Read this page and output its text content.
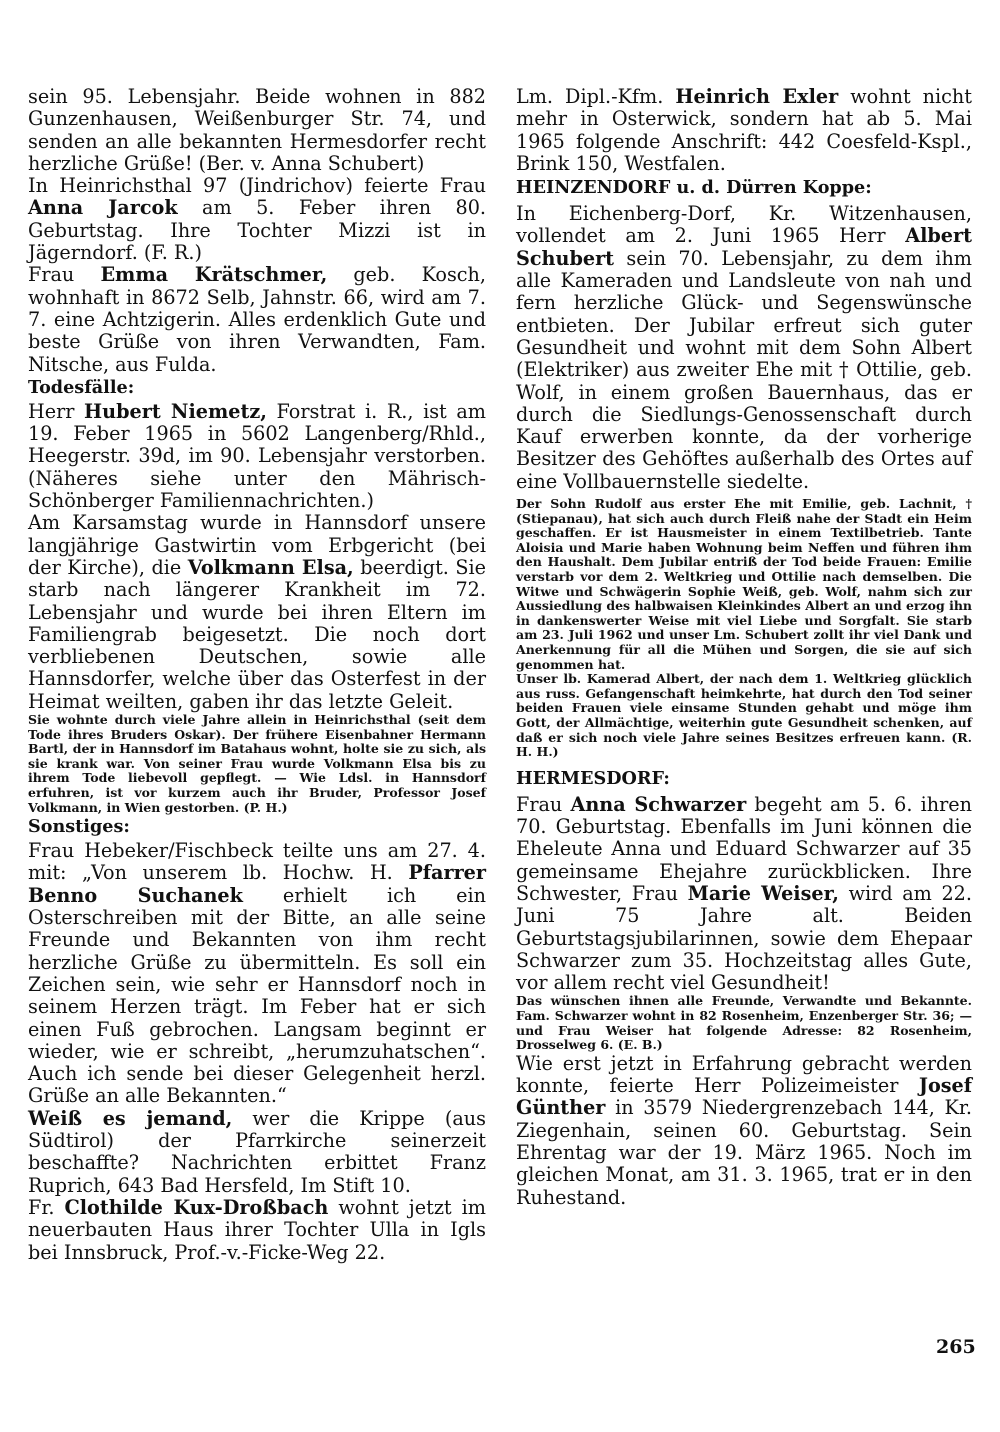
sein 95. Lebensjahr. Beide wohnen in 882 Gunzenhausen, Weißenburger Str. 74, und senden an alle bekannten Hermesdorfer recht herzliche Grüße! (Ber. v. Anna Schubert)

In Heinrichsthal 97 (Jindrichov) feierte Frau Anna Jarcok am 5. Feber ihren 80. Geburtstag. Ihre Tochter Mizzi ist in Jägerndorf. (F. R.)

Frau Emma Krätschmer, geb. Kosch, wohnhaft in 8672 Selb, Jahnstr. 66, wird am 7. 7. eine Achtzigerin. Alles erdenklich Gute und beste Grüße von ihren Verwandten, Fam. Nitsche, aus Fulda.

Todesfälle:

Herr Hubert Niemetz, Forstrat i. R., ist am 19. Feber 1965 in 5602 Langenberg/Rhld., Heegerstr. 39d, im 90. Lebensjahr verstorben. (Näheres siehe unter den Mährisch-Schönberger Familiennachrichten.)

Am Karsamstag wurde in Hannsdorf unsere langjährige Gastwirtin vom Erbgericht (bei der Kirche), die Volkmann Elsa, beerdigt. Sie starb nach längerer Krankheit im 72. Lebensjahr und wurde bei ihren Eltern im Familiengrab beigesetzt. Die noch dort verbliebenen Deutschen, sowie alle Hannsdorfer, welche über das Osterfest in der Heimat weilten, gaben ihr das letzte Geleit.

Sie wohnte durch viele Jahre allein in Heinrichsthal (seit dem Tode ihres Bruders Oskar). Der frühere Eisenbahner Hermann Bartl, der in Hannsdorf im Batahaus wohnt, holte sie zu sich, als sie krank war. Von seiner Frau wurde Volkmann Elsa bis zu ihrem Tode liebevoll gepflegt. — Wie Ldsl. in Hannsdorf erfuhren, ist vor kurzem auch ihr Bruder, Professor Josef Volkmann, in Wien gestorben. (P. H.)

Sonstiges:

Frau Hebeker/Fischbeck teilte uns am 27. 4. mit: „Von unserem lb. Hochw. H. Pfarrer Benno Suchanek erhielt ich ein Osterschreiben mit der Bitte, an alle seine Freunde und Bekannten von ihm recht herzliche Grüße zu übermitteln. Es soll ein Zeichen sein, wie sehr er Hannsdorf noch in seinem Herzen trägt. Im Feber hat er sich einen Fuß gebrochen. Langsam beginnt er wieder, wie er schreibt, „herumzuhatschen“. Auch ich sende bei dieser Gelegenheit herzl. Grüße an alle Bekannten.“

Weiß es jemand, wer die Krippe (aus Südtirol) der Pfarrkirche seinerzeit beschaffte? Nachrichten erbittet Franz Ruprich, 643 Bad Hersfeld, Im Stift 10.

Fr. Clothilde Kux-Droßbach wohnt jetzt im neuerbauten Haus ihrer Tochter Ulla in Igls bei Innsbruck, Prof.-v.-Ficke-Weg 22.

Lm. Dipl.-Kfm. Heinrich Exler wohnt nicht mehr in Osterwick, sondern hat ab 5. Mai 1965 folgende Anschrift: 442 Coesfeld-Kspl., Brink 150, Westfalen.

HEINZENDORF u. d. Dürren Koppe:

In Eichenberg-Dorf, Kr. Witzenhausen, vollendet am 2. Juni 1965 Herr Albert Schubert sein 70. Lebensjahr, zu dem ihm alle Kameraden und Landsleute von nah und fern herzliche Glück- und Segenswünsche entbieten. Der Jubilar erfreut sich guter Gesundheit und wohnt mit dem Sohn Albert (Elektriker) aus zweiter Ehe mit † Ottilie, geb. Wolf, in einem großen Bauernhaus, das er durch die Siedlungs-Genossenschaft durch Kauf erwerben konnte, da der vorherige Besitzer des Gehöftes außerhalb des Ortes auf eine Vollbauernstelle siedelte.

Der Sohn Rudolf aus erster Ehe mit Emilie, geb. Lachnit, † (Stiepanau), hat sich auch durch Fleiß nahe der Stadt ein Heim geschaffen. Er ist Hausmeister in einem Textilbetrieb. Tante Aloisia und Marie haben Wohnung beim Neffen und führen ihm den Haushalt. Dem Jubilar entriß der Tod beide Frauen: Emilie verstarb vor dem 2. Weltkrieg und Ottilie nach demselben. Die Witwe und Schwägerin Sophie Weiß, geb. Wolf, nahm sich zur Aussiedlung des halbwaisen Kleinkindes Albert an und erzog ihn in dankenswerter Weise mit viel Liebe und Sorgfalt. Sie starb am 23. Juli 1962 und unser Lm. Schubert zollt ihr viel Dank und Anerkennung für all die Mühen und Sorgen, die sie auf sich genommen hat.

Unser lb. Kamerad Albert, der nach dem 1. Weltkrieg glücklich aus russ. Gefangenschaft heimkehrte, hat durch den Tod seiner beiden Frauen viele einsame Stunden gehabt und möge ihm Gott, der Allmächtige, weiterhin gute Gesundheit schenken, auf daß er sich noch viele Jahre seines Besitzes erfreuen kann. (R. H. H.)

HERMESDORF:

Frau Anna Schwarzer begeht am 5. 6. ihren 70. Geburtstag. Ebenfalls im Juni können die Eheleute Anna und Eduard Schwarzer auf 35 gemeinsame Ehejahre zurückblicken. Ihre Schwester, Frau Marie Weiser, wird am 22. Juni 75 Jahre alt. Beiden Geburtstagsjubilarinnen, sowie dem Ehepaar Schwarzer zum 35. Hochzeitstag alles Gute, vor allem recht viel Gesundheit!

Das wünschen ihnen alle Freunde, Verwandte und Bekannte. Fam. Schwarzer wohnt in 82 Rosenheim, Enzenberger Str. 36; — und Frau Weiser hat folgende Adresse: 82 Rosenheim, Drosselweg 6. (E. B.)

Wie erst jetzt in Erfahrung gebracht werden konnte, feierte Herr Polizeimeister Josef Günther in 3579 Niedergrenzebach 144, Kr. Ziegenhain, seinen 60. Geburtstag. Sein Ehrentag war der 19. März 1965. Noch im gleichen Monat, am 31. 3. 1965, trat er in den Ruhestand.

265
